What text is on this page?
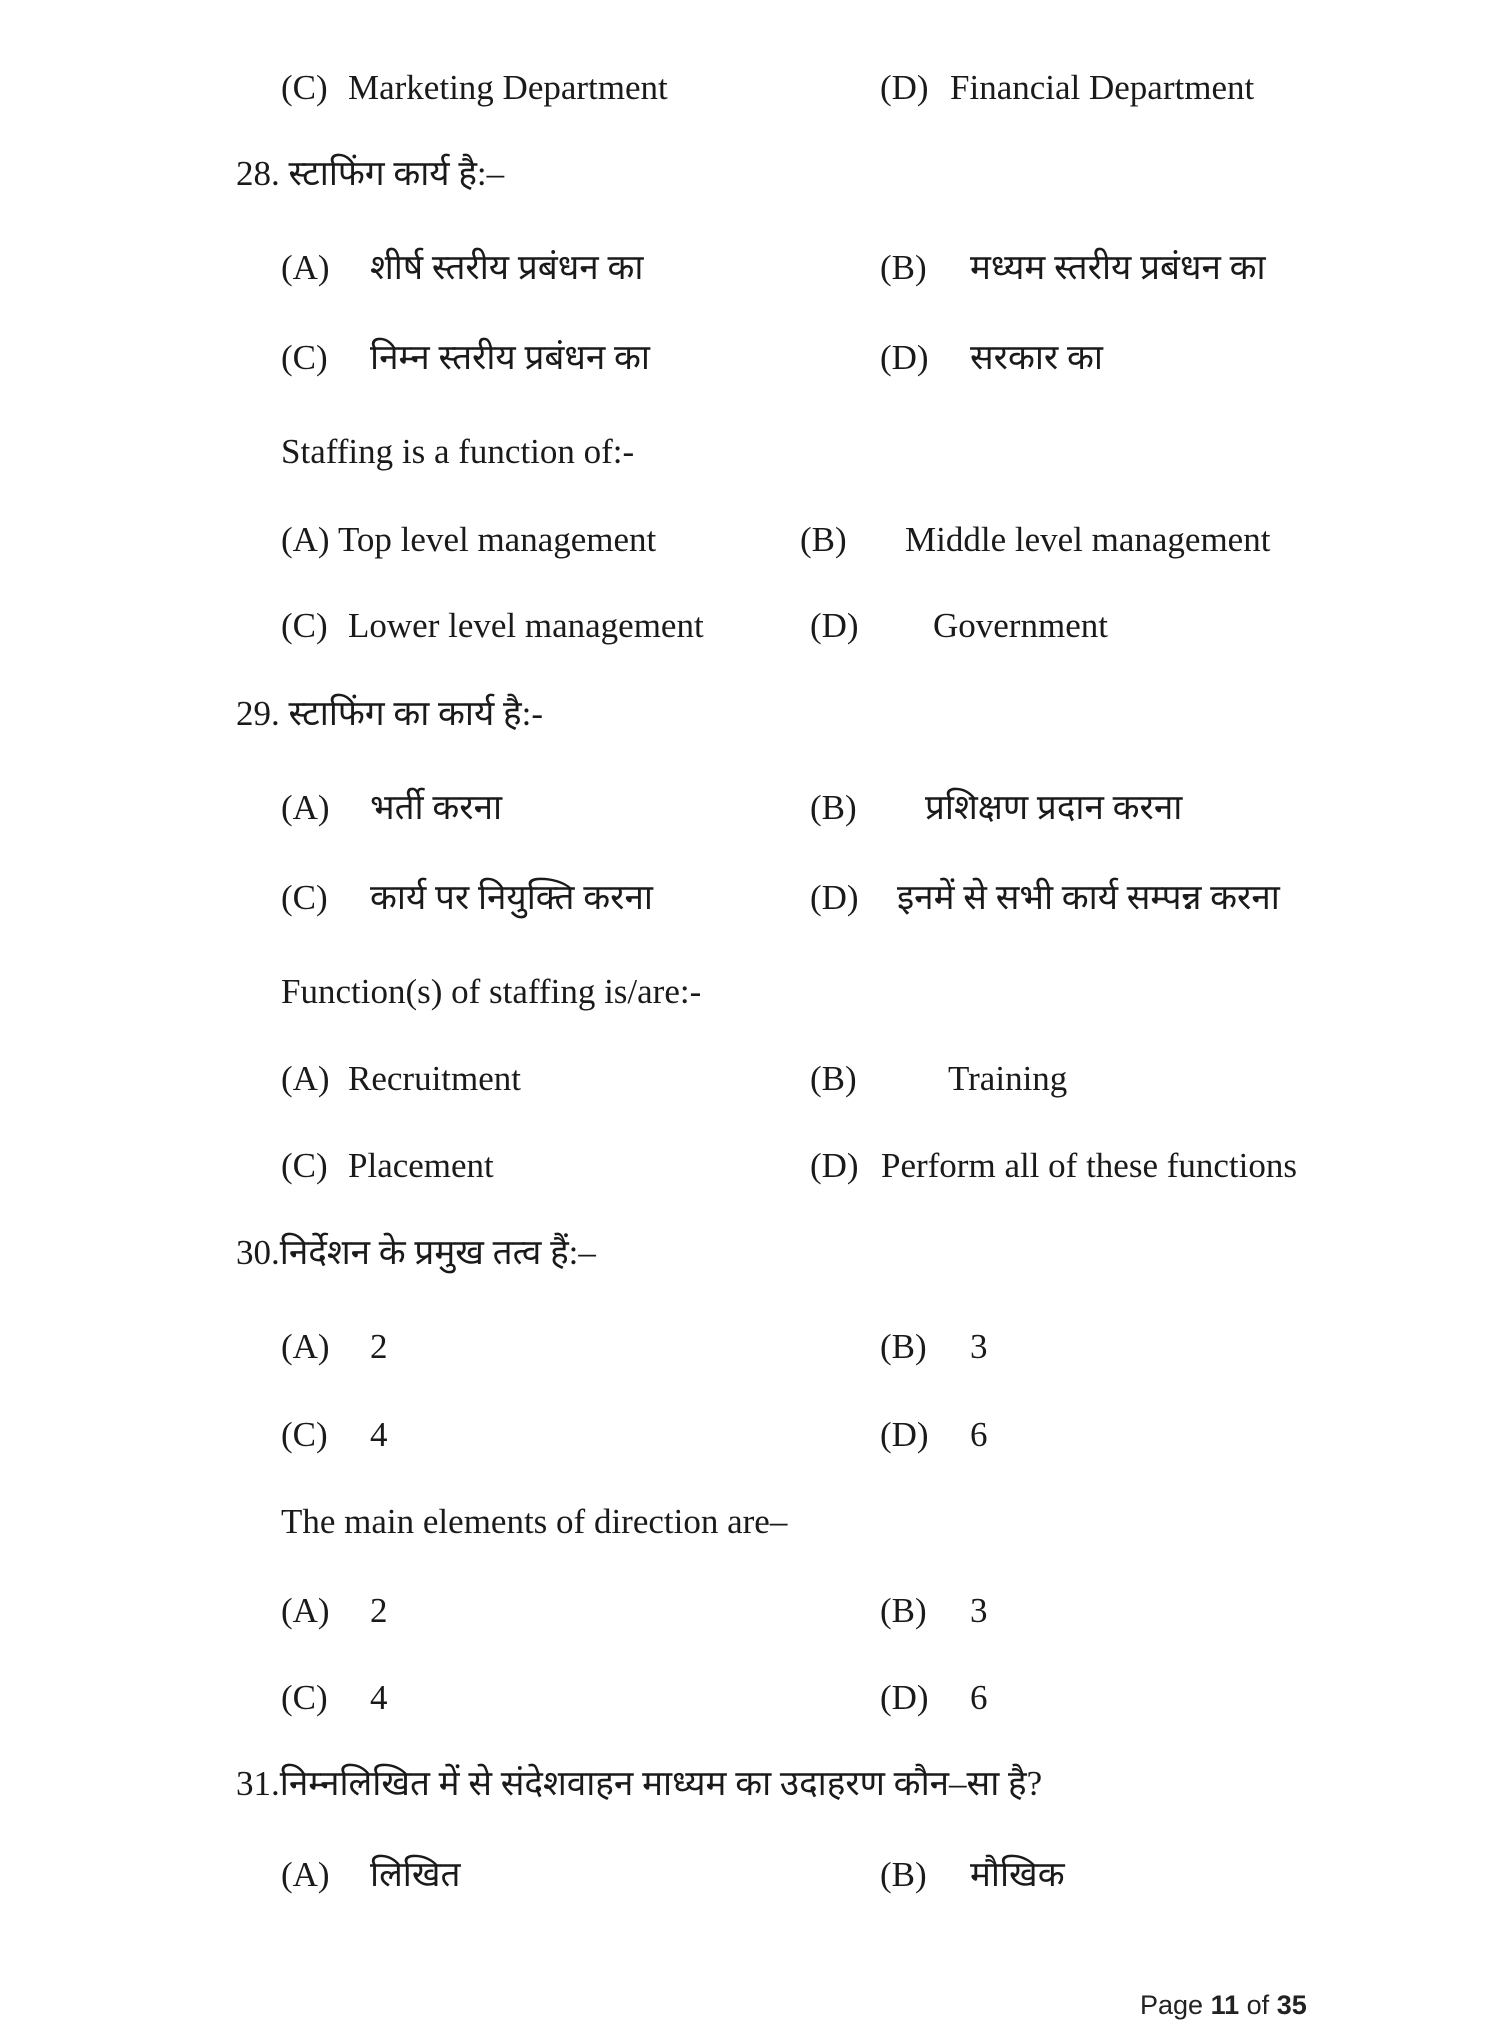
(C) Marketing Department	(D) Financial Department
28. स्टाफिंग कार्य है:–
(A) शीर्ष स्तरीय प्रबंधन का	(B) मध्यम स्तरीय प्रबंधन का
(C) निम्न स्तरीय प्रबंधन का	(D) सरकार का
Staffing is a function of:-
(A) Top level management	(B) Middle level management
(C) Lower level management	(D) Government
29. स्टाफिंग का कार्य है:-
(A) भर्ती करना	(B) प्रशिक्षण प्रदान करना
(C) कार्य पर नियुक्ति करना	(D) इनमें से सभी कार्य सम्पन्न करना
Function(s) of staffing is/are:-
(A) Recruitment	(B)	Training
(C) Placement	(D) Perform all of these functions
30.निर्देशन के प्रमुख तत्व हैं:–
(A) 2	(B) 3
(C) 4	(D) 6
The main elements of direction are–
(A) 2	(B) 3
(C) 4	(D) 6
31.निम्नलिखित में से संदेशवाहन माध्यम का उदाहरण कौन–सा है?
(A) लिखित	(B) मौखिक
Page 11 of 35
